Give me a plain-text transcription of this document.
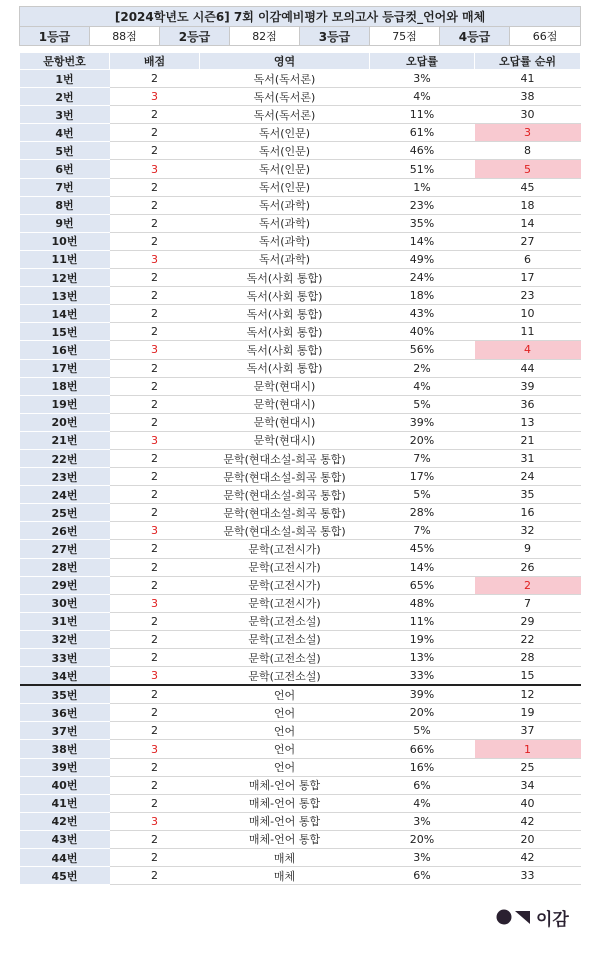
[2024학년도 시즌6] 7회 이감예비평가 모의고사 등급컷_언어와 매체
1등급	88점	2등급	82점	3등급	75점	4등급	66점
문항번호	배점	영역	오답률	오답률 순위
1번	2	독서(독서론)	3%	41
2번	3	독서(독서론)	4%	38
3번	2	독서(독서론)	11%	30
4번	2	독서(인문)	61%	3
5번	2	독서(인문)	46%	8
6번	3	독서(인문)	51%	5
7번	2	독서(인문)	1%	45
8번	2	독서(과학)	23%	18
9번	2	독서(과학)	35%	14
10번	2	독서(과학)	14%	27
11번	3	독서(과학)	49%	6
12번	2	독서(사회 통합)	24%	17
13번	2	독서(사회 통합)	18%	23
14번	2	독서(사회 통합)	43%	10
15번	2	독서(사회 통합)	40%	11
16번	3	독서(사회 통합)	56%	4
17번	2	독서(사회 통합)	2%	44
18번	2	문학(현대시)	4%	39
19번	2	문학(현대시)	5%	36
20번	2	문학(현대시)	39%	13
21번	3	문학(현대시)	20%	21
22번	2	문학(현대소설-희곡 통합)	7%	31
23번	2	문학(현대소설-희곡 통합)	17%	24
24번	2	문학(현대소설-희곡 통합)	5%	35
25번	2	문학(현대소설-희곡 통합)	28%	16
26번	3	문학(현대소설-희곡 통합)	7%	32
27번	2	문학(고전시가)	45%	9
28번	2	문학(고전시가)	14%	26
29번	2	문학(고전시가)	65%	2
30번	3	문학(고전시가)	48%	7
31번	2	문학(고전소설)	11%	29
32번	2	문학(고전소설)	19%	22
33번	2	문학(고전소설)	13%	28
34번	3	문학(고전소설)	33%	15
35번	2	언어	39%	12
36번	2	언어	20%	19
37번	2	언어	5%	37
38번	3	언어	66%	1
39번	2	언어	16%	25
40번	2	매체-언어 통합	6%	34
41번	2	매체-언어 통합	4%	40
42번	3	매체-언어 통합	3%	42
43번	2	매체-언어 통합	20%	20
44번	2	매체	3%	42
45번	2	매체	6%	33
이감
